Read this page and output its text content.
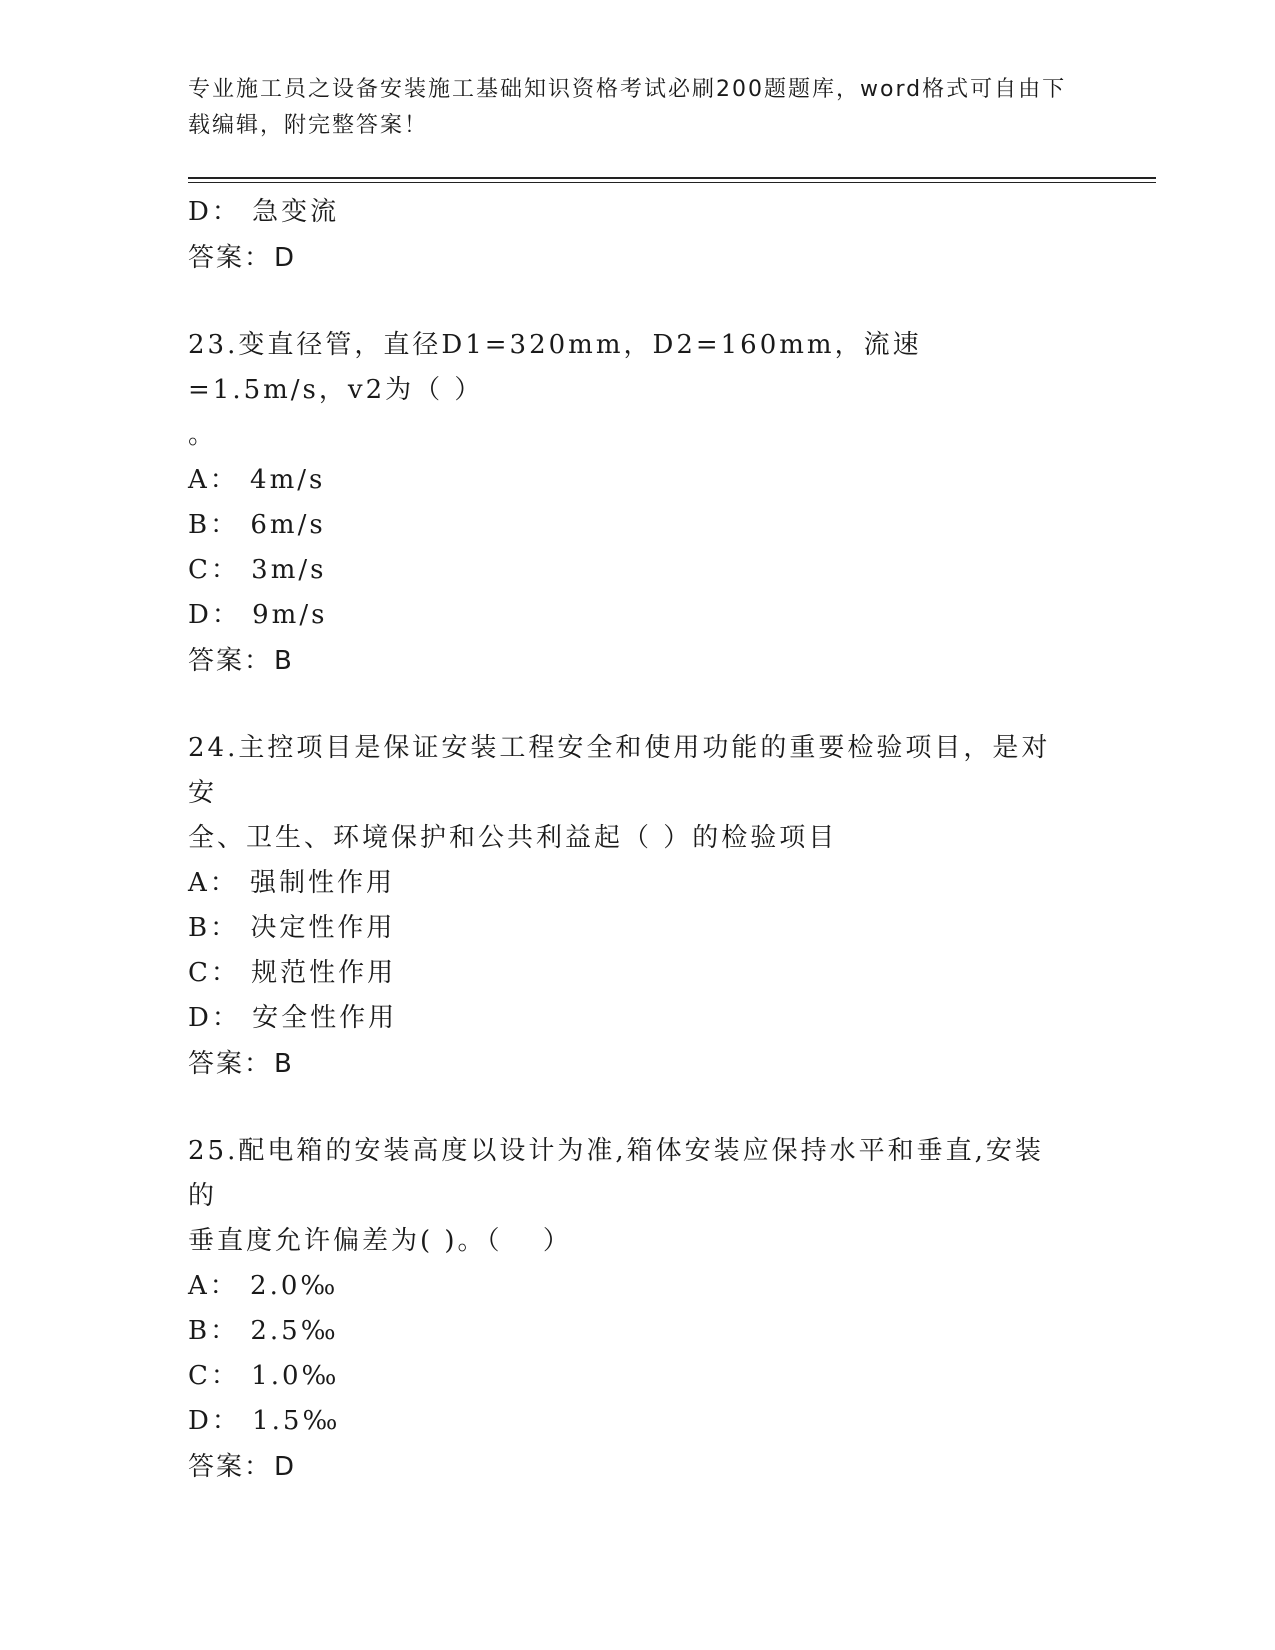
专业施工员之设备安装施工基础知识资格考试必刷200题题库，word格式可自由下载编辑，附完整答案！
D： 急变流
答案：D
23.变直径管，直径D1=320mm，D2=160mm，流速=1.5m/s，v2为（ ）
。
A： 4m/s
B： 6m/s
C： 3m/s
D： 9m/s
答案：B
24.主控项目是保证安装工程安全和使用功能的重要检验项目，是对安
全、卫生、环境保护和公共利益起（ ）的检验项目
A： 强制性作用
B： 决定性作用
C： 规范性作用
D： 安全性作用
答案：B
25.配电箱的安装高度以设计为准,箱体安装应保持水平和垂直,安装的
垂直度允许偏差为( )。（　 ）
A： 2.0‰
B： 2.5‰
C： 1.0‰
D： 1.5‰
答案：D
